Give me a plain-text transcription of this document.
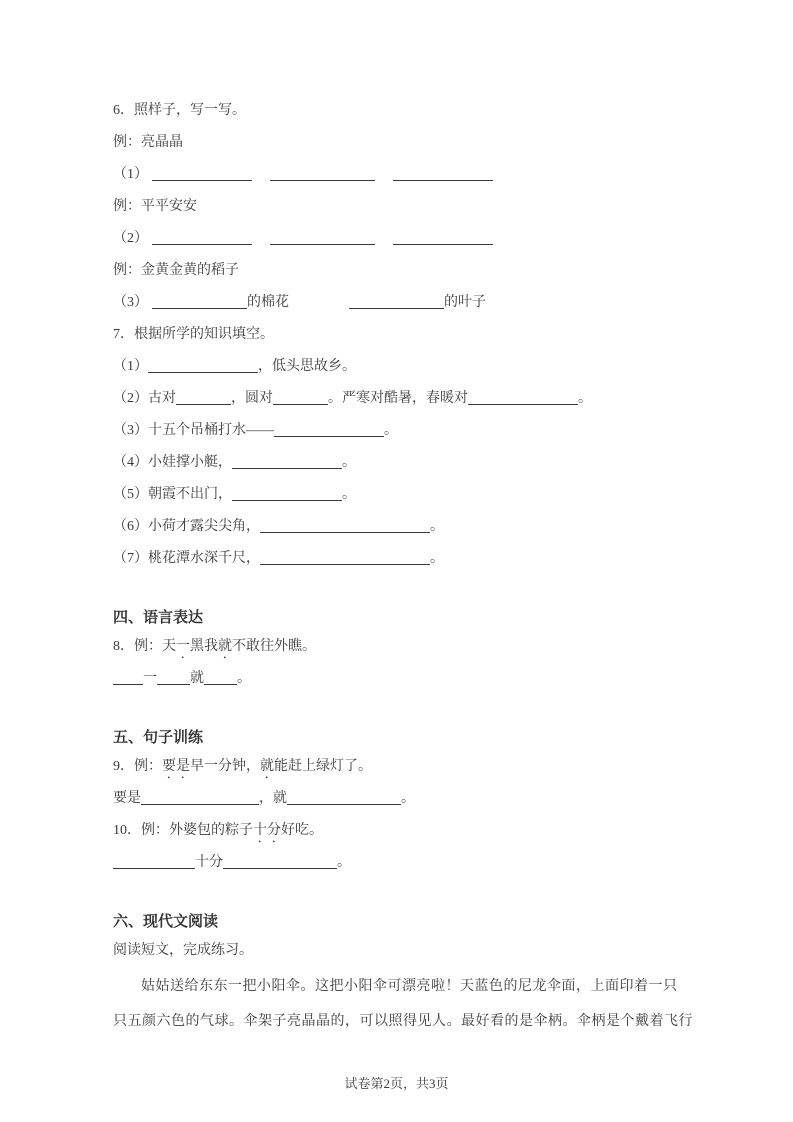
6．照样子，写一写。
例：亮晶晶
（1）
例：平平安安
（2）
例：金黄金黄的稻子
（3）	的棉花	的叶子
7．根据所学的知识填空。
（1）	，低头思故乡。
（2）古对	，圆对	。严寒对酷暑，春暖对	。
（3）十五个吊桶打水——	。
（4）小娃撑小艇，	。
（5）朝霞不出门，	。
（6）小荷才露尖尖角，	。
（7）桃花潭水深千尺，	。
四、语言表达
8．例：天一黑我就不敢往外瞧。
一 就 。
五、句子训练
9．例：要是早一分钟，就能赶上绿灯了。
要是	，就	。
10．例：外婆包的粽子十分好吃。
十分	。
六、现代文阅读
阅读短文，完成练习。
姑姑送给东东一把小阳伞。这把小阳伞可漂亮啦！天蓝色的尼龙伞面，上面印着一只
只五颜六色的气球。伞架子亮晶晶的，可以照得见人。最好看的是伞柄。伞柄是个戴着飞行
试卷第2页，共3页
